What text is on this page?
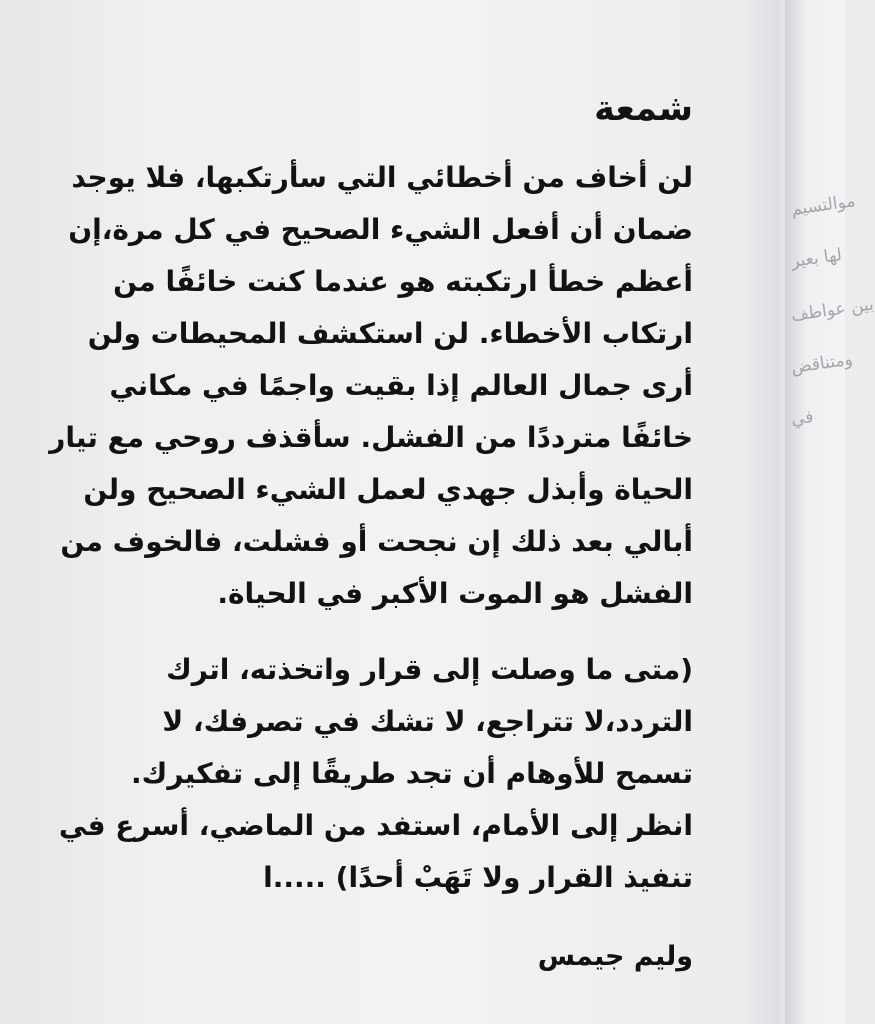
موالتسيم
لها بعير
بين عواطف
ومتناقض
في
شمعة
لن أخاف من أخطائي التي سأرتكبها، فلا يوجد
ضمان أن أفعل الشيء الصحيح في كل مرة،إن
أعظم خطأ ارتكبته هو عندما كنت خائفًا من
ارتكاب الأخطاء. لن استكشف المحيطات ولن
أرى جمال العالم إذا بقيت واجمًا في مكاني
خائفًا مترددًا من الفشل. سأقذف روحي مع تيار
الحياة وأبذل جهدي لعمل الشيء الصحيح ولن
أبالي بعد ذلك إن نجحت أو فشلت، فالخوف من
الفشل هو الموت الأكبر في الحياة.
(متى ما وصلت إلى قرار واتخذته، اترك
التردد،لا تتراجع، لا تشك في تصرفك، لا
تسمح للأوهام أن تجد طريقًا إلى تفكيرك.
انظر إلى الأمام، استفد من الماضي، أسرع في
تنفيذ القرار ولا تَهَبْ أحدًا) .....ا
وليم جيمس
